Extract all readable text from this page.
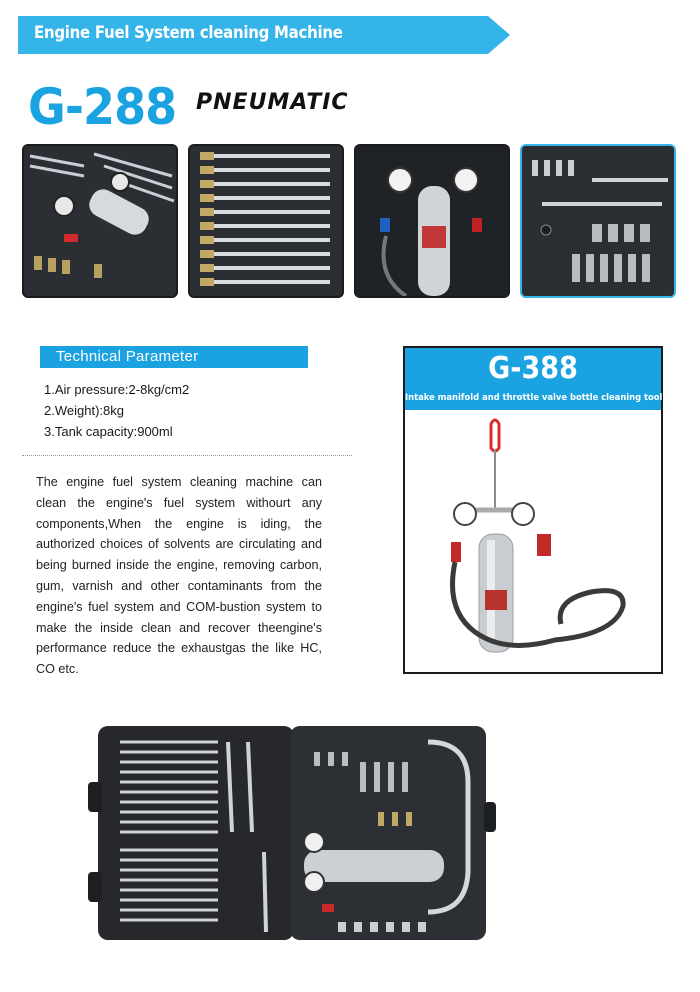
Engine Fuel System cleaning Machine
G-288 PNEUMATIC
Technical Parameter
1.Air pressure:2-8kg/cm2
2.Weight):8kg
3.Tank capacity:900ml
The engine fuel system cleaning machine can clean the engine's fuel system withourt any components,When the engine is iding, the authorized choices of solvents are circulating and being burned inside the engine, removing carbon, gum, varnish and other contaminants from the engine's fuel system and COM-bustion system to make the inside clean and recover theengine's performance reduce the exhaustgas the like HC, CO etc.
G-388
Intake manifold and throttle valve bottle cleaning tool
